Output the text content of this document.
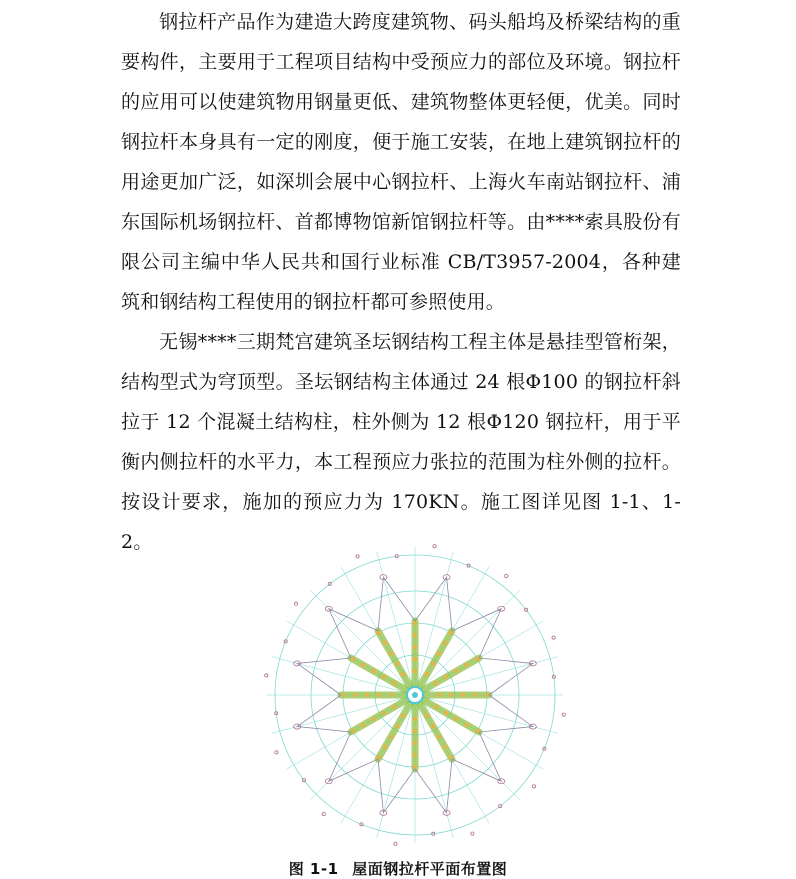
钢拉杆产品作为建造大跨度建筑物、码头船坞及桥梁结构的重要构件，主要用于工程项目结构中受预应力的部位及环境。钢拉杆的应用可以使建筑物用钢量更低、建筑物整体更轻便，优美。同时钢拉杆本身具有一定的刚度，便于施工安装，在地上建筑钢拉杆的用途更加广泛，如深圳会展中心钢拉杆、上海火车南站钢拉杆、浦东国际机场钢拉杆、首都博物馆新馆钢拉杆等。由****索具股份有限公司主编中华人民共和国行业标准 CB/T3957-2004，各种建筑和钢结构工程使用的钢拉杆都可参照使用。

无锡****三期梵宫建筑圣坛钢结构工程主体是悬挂型管桁架，结构型式为穹顶型。圣坛钢结构主体通过 24 根Φ100 的钢拉杆斜拉于 12 个混凝土结构柱，柱外侧为 12 根Φ120 钢拉杆，用于平衡内侧拉杆的水平力，本工程预应力张拉的范围为柱外侧的拉杆。按设计要求，施加的预应力为 170KN。施工图详见图 1-1、1-2。

图 1-1 屋面钢拉杆平面布置图
